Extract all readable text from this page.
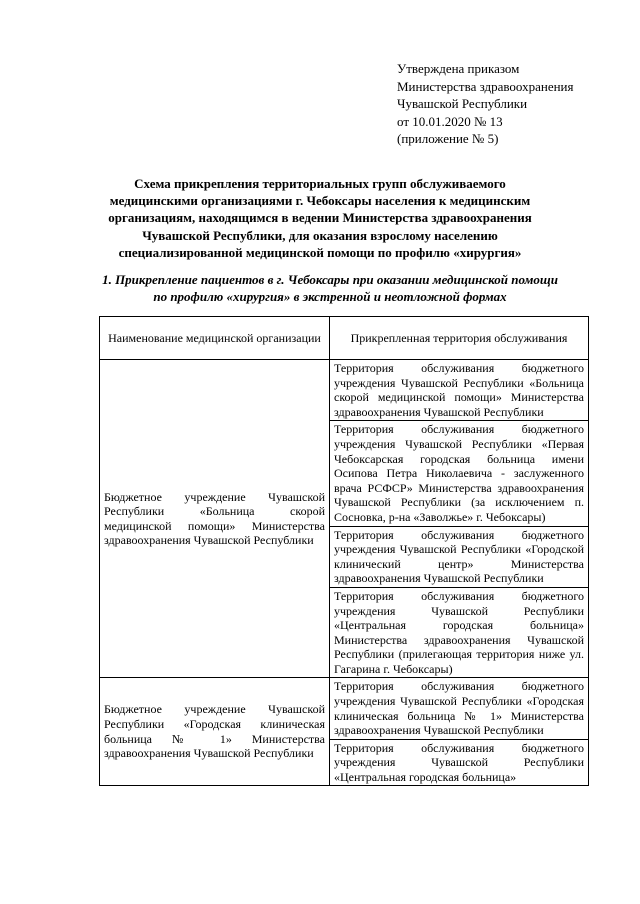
Утверждена приказом
Министерства здравоохранения
Чувашской Республики
от 10.01.2020 № 13
(приложение № 5)
Схема прикрепления территориальных групп обслуживаемого
медицинскими организациями г. Чебоксары населения к медицинским
организациям, находящимся в ведении Министерства здравоохранения
Чувашской Республики, для оказания взрослому населению
специализированной медицинской помощи по профилю «хирургия»
1. Прикрепление пациентов в г. Чебоксары при оказании медицинской помощи
по профилю «хирургия» в экстренной и неотложной формах
Наименование медицинской организации	Прикрепленная территория обслуживания
Бюджетное учреждение Чувашской Республики «Больница скорой медицинской помощи» Министерства здравоохранения Чувашской Республики	Территория обслуживания бюджетного учреждения Чувашской Республики «Больница скорой медицинской помощи» Министерства здравоохранения Чувашской Республики
	Территория обслуживания бюджетного учреждения Чувашской Республики «Первая Чебоксарская городская больница имени Осипова Петра Николаевича - заслуженного врача РСФСР» Министерства здравоохранения Чувашской Республики (за исключением п. Сосновка, р-на «Заволжье» г. Чебоксары)
	Территория обслуживания бюджетного учреждения Чувашской Республики «Городской клинический центр» Министерства здравоохранения Чувашской Республики
	Территория обслуживания бюджетного учреждения Чувашской Республики «Центральная городская больница» Министерства здравоохранения Чувашской Республики (прилегающая территория ниже ул. Гагарина г. Чебоксары)
Бюджетное учреждение Чувашской Республики «Городская клиническая больница № 1» Министерства здравоохранения Чувашской Республики	Территория обслуживания бюджетного учреждения Чувашской Республики «Городская клиническая больница № 1» Министерства здравоохранения Чувашской Республики
	Территория обслуживания бюджетного учреждения Чувашской Республики «Центральная городская больница»
